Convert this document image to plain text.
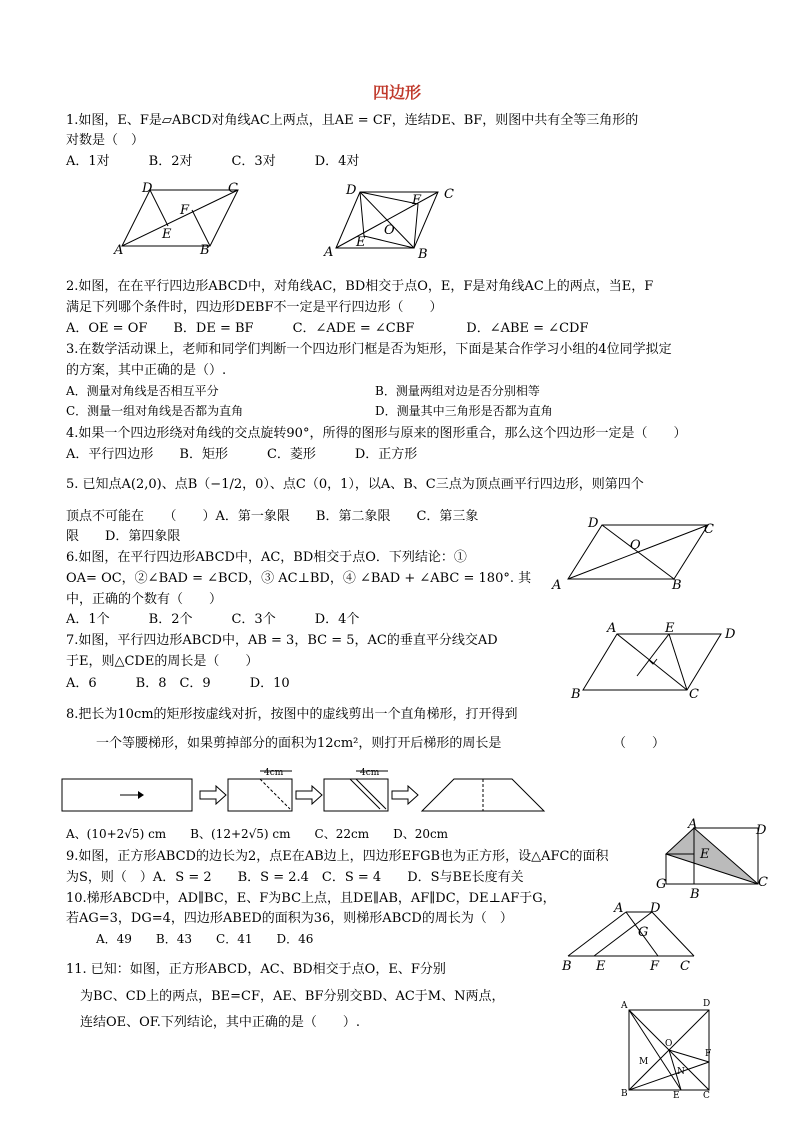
四边形
1.如图，E、F是▱ABCD对角线AC上两点，且AE = CF，连结DE、BF，则图中共有全等三角形的
对数是（　）
A．1对　　　B．2对　　　C．3对　　　D．4对
D	C
F
E
A	B
D	C
F
O
E
A	B
2.如图，在在平行四边形ABCD中，对角线AC，BD相交于点O，E，F是对角线AC上的两点，当E，F
满足下列哪个条件时，四边形DEBF不一定是平行四边形（　　）
A．OE = OF　　B．DE = BF　　　C．∠ADE = ∠CBF　　　　D．∠ABE = ∠CDF
3.在数学活动课上，老师和同学们判断一个四边形门框是否为矩形，下面是某合作学习小组的4位同学拟定
的方案，其中正确的是（）.
A．测量对角线是否相互平分	B．测量两组对边是否分别相等
C．测量一组对角线是否都为直角	D．测量其中三角形是否都为直角
4.如果一个四边形绕对角线的交点旋转90°，所得的图形与原来的图形重合，那么这个四边形一定是（　　）
A．平行四边形　　B．矩形　　　C．菱形　　　D．正方形
5. 已知点A(2,0)、点B（−1/2，0）、点C（0，1），以A、B、C三点为顶点画平行四边形，则第四个
顶点不可能在　　（　　）A．第一象限　　B．第二象限　　C．第三象
限　　D．第四象限
6.如图，在平行四边形ABCD中，AC，BD相交于点O．下列结论：①
OA= OC，②∠BAD = ∠BCD，③ AC⊥BD，④ ∠BAD + ∠ABC = 180°. 其
中，正确的个数有（　　）
A．1个　　　B．2个　　　C．3个　　　D．4个
D	C
O
A	B
7.如图，平行四边形ABCD中，AB = 3，BC = 5，AC的垂直平分线交AD
于E，则△CDE的周长是（　　）
A．6　　　B．8　C．9　　　D．10
A	E	D
B	C
8.把长为10cm的矩形按虚线对折，按图中的虚线剪出一个直角梯形，打开得到
一个等腰梯形，如果剪掉部分的面积为12cm²，则打开后梯形的周长是	（　　）
4cm	4cm
A、(10+2√5) cm　　B、(12+2√5) cm　　C、22cm　　D、20cm
9.如图，正方形ABCD的边长为2，点E在AB边上，四边形EFGB也为正方形，设△AFC的面积
为S，则（　）A．S = 2　　B．S = 2.4　C．S = 4　　D．S与BE长度有关
A	D
E
G
B
C
10.梯形ABCD中，AD∥BC，E、F为BC上点，且DE∥AB，AF∥DC，DE⊥AF于G，
若AG=3，DG=4，四边形ABED的面积为36，则梯形ABCD的周长为（　）
A．49　　B．43　　C．41　　D．46
A D
G
B E	F C
11. 已知：如图，正方形ABCD，AC、BD相交于点O，E、F分别
为BC、CD上的两点，BE=CF，AE、BF分别交BD、AC于M、N两点，
连结OE、OF.下列结论，其中正确的是（　　）.
A	D
O
M
F
N
B	E	C
